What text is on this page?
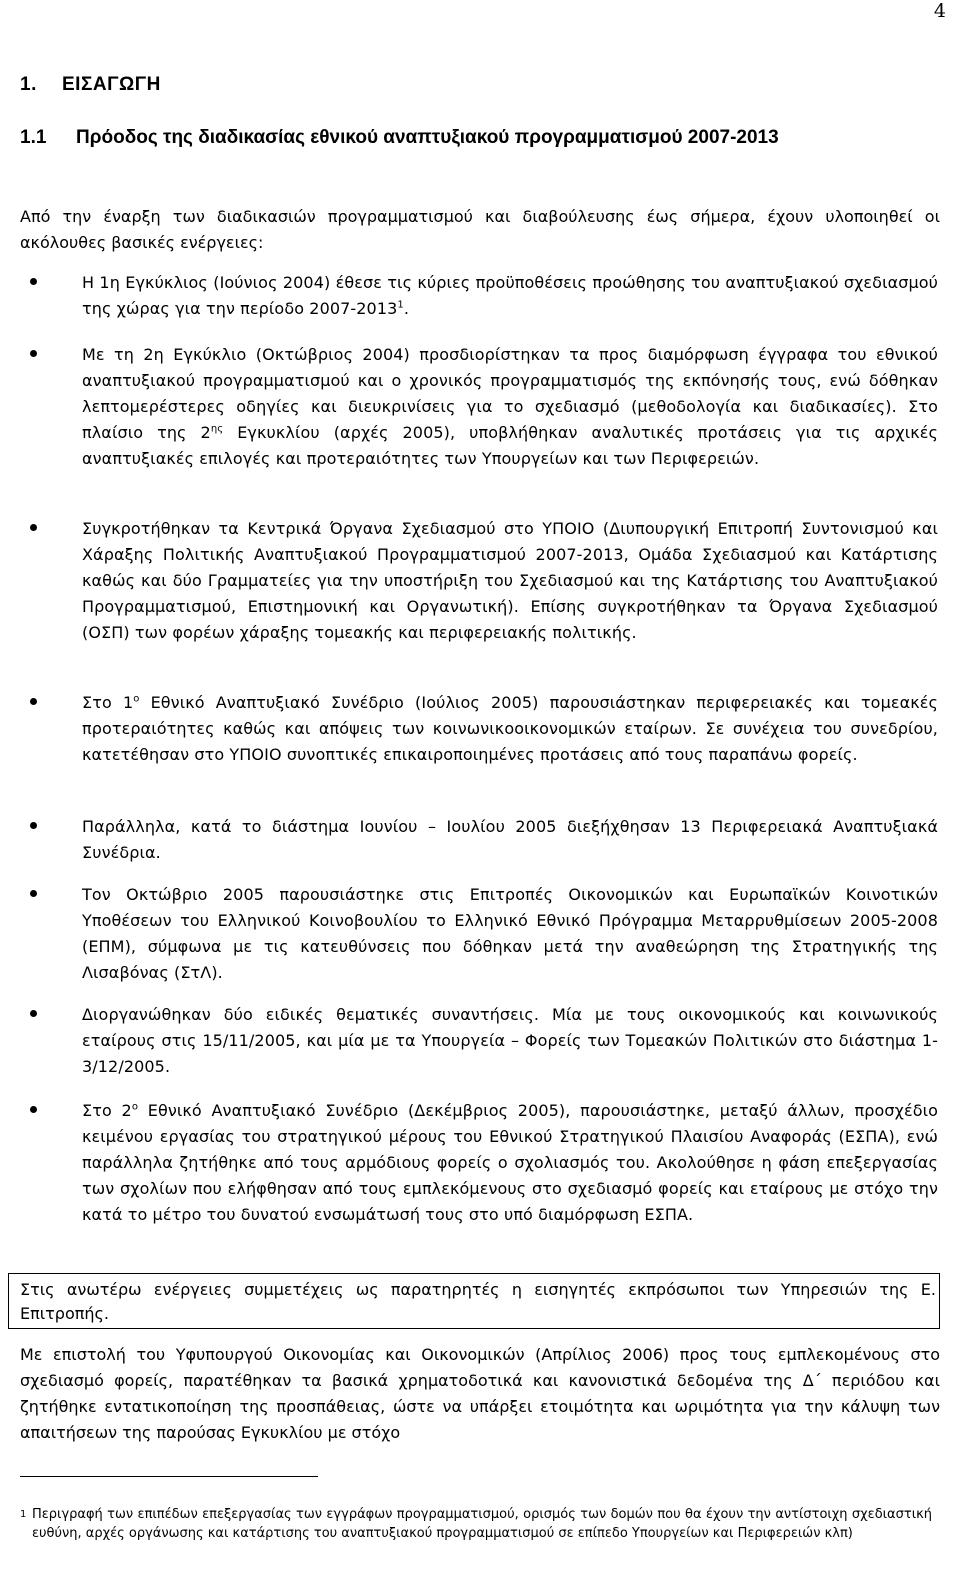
4
1. ΕΙΣΑΓΩΓΗ
1.1 Πρόοδος της διαδικασίας εθνικού αναπτυξιακού προγραμματισμού 2007-2013
Από την έναρξη των διαδικασιών προγραμματισμού και διαβούλευσης έως σήμερα, έχουν υλοποιηθεί οι ακόλουθες βασικές ενέργειες:
Η 1η Εγκύκλιος (Ιούνιος 2004) έθεσε τις κύριες προϋποθέσεις προώθησης του αναπτυξιακού σχεδιασμού της χώρας για την περίοδο 2007-2013$^1$.
Με τη 2η Εγκύκλιο (Οκτώβριος 2004) προσδιορίστηκαν τα προς διαμόρφωση έγγραφα του εθνικού αναπτυξιακού προγραμματισμού και ο χρονικός προγραμματισμός της εκπόνησής τους, ενώ δόθηκαν λεπτομερέστερες οδηγίες και διευκρινίσεις για το σχεδιασμό (μεθοδολογία και διαδικασίες). Στο πλαίσιο της $2^{\eta\varsigma}$ Εγκυκλίου (αρχές 2005), υποβλήθηκαν αναλυτικές προτάσεις για τις αρχικές αναπτυξιακές επιλογές και προτεραιότητες των Υπουργείων και των Περιφερειών.
Συγκροτήθηκαν τα Κεντρικά Όργανα Σχεδιασμού στο ΥΠΟΙΟ (Διυπουργική Επιτροπή Συντονισμού και Χάραξης Πολιτικής Αναπτυξιακού Προγραμματισμού 2007-2013, Ομάδα Σχεδιασμού και Κατάρτισης καθώς και δύο Γραμματείες για την υποστήριξη του Σχεδιασμού και της Κατάρτισης του Αναπτυξιακού Προγραμματισμού, Επιστημονική και Οργανωτική). Επίσης συγκροτήθηκαν τα Όργανα Σχεδιασμού (ΟΣΠ) των φορέων χάραξης τομεακής και περιφερειακής πολιτικής.
Στο $1^o$ Εθνικό Αναπτυξιακό Συνέδριο (Ιούλιος 2005) παρουσιάστηκαν περιφερειακές και τομεακές προτεραιότητες καθώς και απόψεις των κοινωνικοοικονομικών εταίρων. Σε συνέχεια του συνεδρίου, κατετέθησαν στο ΥΠΟΙΟ συνοπτικές επικαιροποιημένες προτάσεις από τους παραπάνω φορείς.
Παράλληλα, κατά το διάστημα Ιουνίου – Ιουλίου 2005 διεξήχθησαν 13 Περιφερειακά Αναπτυξιακά Συνέδρια.
Τον Οκτώβριο 2005 παρουσιάστηκε στις Επιτροπές Οικονομικών και Ευρωπαϊκών Κοινοτικών Υποθέσεων του Ελληνικού Κοινοβουλίου το Ελληνικό Εθνικό Πρόγραμμα Μεταρρυθμίσεων 2005-2008 (ΕΠΜ), σύμφωνα με τις κατευθύνσεις που δόθηκαν μετά την αναθεώρηση της Στρατηγικής της Λισαβόνας (ΣτΛ).
Διοργανώθηκαν δύο ειδικές θεματικές συναντήσεις. Μία με τους οικονομικούς και κοινωνικούς εταίρους στις 15/11/2005, και μία με τα Υπουργεία – Φορείς των Τομεακών Πολιτικών στο διάστημα 1-3/12/2005.
Στο $2^o$ Εθνικό Αναπτυξιακό Συνέδριο (Δεκέμβριος 2005), παρουσιάστηκε, μεταξύ άλλων, προσχέδιο κειμένου εργασίας του στρατηγικού μέρους του Εθνικού Στρατηγικού Πλαισίου Αναφοράς (ΕΣΠΑ), ενώ παράλληλα ζητήθηκε από τους αρμόδιους φορείς ο σχολιασμός του. Ακολούθησε η φάση επεξεργασίας των σχολίων που ελήφθησαν από τους εμπλεκόμενους στο σχεδιασμό φορείς και εταίρους με στόχο την κατά το μέτρο του δυνατού ενσωμάτωσή τους στο υπό διαμόρφωση ΕΣΠΑ.
Στις ανωτέρω ενέργειες συμμετέχεις ως παρατηρητές η εισηγητές εκπρόσωποι των Υπηρεσιών της Ε. Επιτροπής.
Με επιστολή του Υφυπουργού Οικονομίας και Οικονομικών (Απρίλιος 2006) προς τους εμπλεκομένους στο σχεδιασμό φορείς, παρατέθηκαν τα βασικά χρηματοδοτικά και κανονιστικά δεδομένα της Δ΄ περιόδου και ζητήθηκε εντατικοποίηση της προσπάθειας, ώστε να υπάρξει ετοιμότητα και ωριμότητα για την κάλυψη των απαιτήσεων της παρούσας Εγκυκλίου με στόχο
1 Περιγραφή των επιπέδων επεξεργασίας των εγγράφων προγραμματισμού, ορισμός των δομών που θα έχουν την αντίστοιχη σχεδιαστική ευθύνη, αρχές οργάνωσης και κατάρτισης του αναπτυξιακού προγραμματισμού σε επίπεδο Υπουργείων και Περιφερειών κλπ)
